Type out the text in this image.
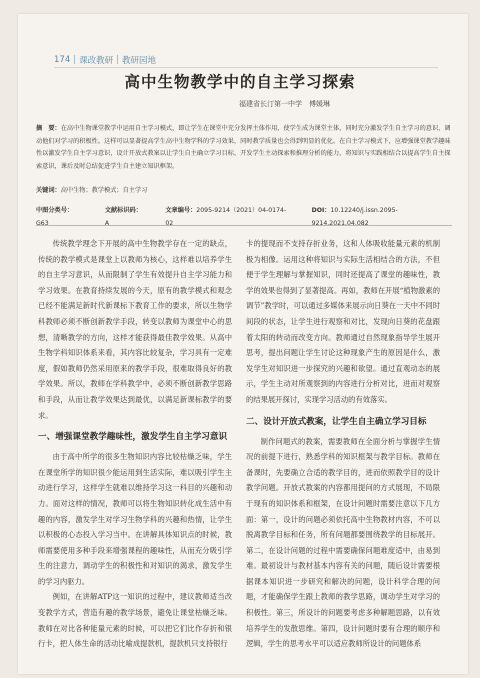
174 | 课改教研 | 教研园地
高中生物教学中的自主学习探索
福建省长汀第一中学　傅媛琳
摘　要：在高中生物课堂教学中运用自主学习模式，即让学生在课堂中充分发挥主体作用，使学生成为课堂主体，同时充分激发学生自主学习的意识，调动他们对学习的积极性。这样可以显著提高学生高中生物学科的学习效果，同时教学质量也会得到明显的优化。在自主学习模式下，应增强课堂教学趣味性以激发学生自主学习意识，设计开放式教案以让学生自主确立学习目标，开发学生主动探索和推理分析的能力，将知识与实践相结合以提高学生自主探索意识，课后及时总结促进学生自主建立知识框架。
关键词：高中生物；教学模式；自主学习
中图分类号：G63
文献标识码：A
文章编号：2095-9214（2021）04-0174-02
DOI：10.12240/j.issn.2095-9214.2021.04.082

传统教学理念下开展的高中生物教学存在一定的缺点，传统的教学模式是课堂上以教师为核心，这样难以培养学生的自主学习意识，从而限制了学生有效提升自主学习能力和学习效果。在教育持续发展的今天，原有的教学模式和观念已经不能满足新时代新课标下教育工作的要求，所以生物学科教师必须不断创新教学手段，转变以教师为课堂中心的思想，清晰教学的方向，这样才能获得最佳教学效果。从高中生物学科知识体系来看，其内容比较复杂，学习具有一定难度，假如教师仍然采用原来的教学手段，很难取得良好的教学效果。所以，教师在学科教学中，必须不断创新教学思路和手段，从而让教学效果达到最优，以满足新课标教学的要求。

一、增强课堂教学趣味性，激发学生自主学习意识

由于高中所学的很多生物知识内容比较枯燥乏味，学生在课堂所学的知识很少能运用到生活实际，难以吸引学生主动进行学习，这样学生就难以维持学习这一科目的兴趣和动力。面对这样的情况，教师可以将生物知识转化成生活中有趣的内容，激发学生对学习生物学科的兴趣和热情，让学生以积极的心态投入学习当中。在讲解具体知识点的时候，教师需要使用多种手段来增强课程的趣味性，从而充分吸引学生的注意力，调动学生的积极性和对知识的渴求，激发学生的学习内驱力。

例如，在讲解ATP这一知识的过程中，建议教师适当改变教学方式，营造有趣的教学场景，避免让课堂枯燥乏味。教师在对比各种能量元素的时候，可以把它们比作存折和银行卡，把人体生命的活动比喻成提款机，提款机只支持银行

卡的提现而不支持存折业务，这和人体吸收能量元素的机制极为相像。运用这种将知识与实际生活相结合的方法，不但便于学生理解与掌握知识，同时还提高了课堂的趣味性，教学的效果也得到了显著提高。再如，教师在开展“植物激素的调节”教学时，可以通过多媒体来展示向日葵在一天中不同时间段的状态，让学生进行观察和对比，发现向日葵的花盘跟着太阳的转动而改变方向。教师通过自然现象指导学生展开思考，提出问题让学生讨论这种现象产生的原因是什么，激发学生对知识进一步探究的兴趣和欲望。通过直观动态的展示，学生主动对所观察到的内容进行分析对比，进而对观察的结果展开探讨，实现学习活动的有效落实。

二、设计开放式教案，让学生自主确立学习目标

制作问题式的教案，需要教师在全面分析与掌握学生情况的前提下进行，熟悉学科的知识框架与教学目标。教师在备课时，先要确立合适的教学目的，进而依照教学目的设计教学问题。开放式教案的内容都用提问的方式展现，不局限于现有的知识体系和框架，在设计问题时需要注意以下几方面：第一，设计的问题必须依托高中生物教材内容，不可以脱离教学目标和任务，所有问题都要围绕教学的目标展开。第二，在设计问题的过程中需要确保问题难度适中，由易到难。最初设计与教材基本内容有关的问题，随后设计需要根据课本知识进一步研究和解决的问题，设计科学合理的问题，才能确保学生跟上教师的教学思路，调动学生对学习的积极性。第三，所设计的问题要考虑多种解题思路，以有效培养学生的发散思维。第四，设计问题时要有合理的顺序和逻辑，学生的思考水平可以适应教师所设计的问题体系
